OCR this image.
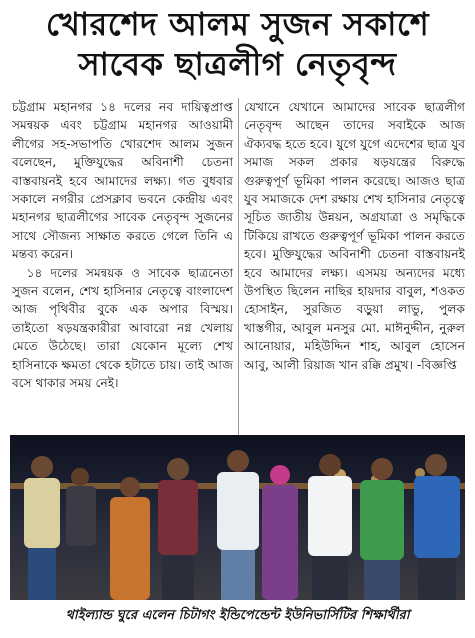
খোরশেদ আলম সুজন সকাশে
সাবেক ছাত্রলীগ নেতৃবৃন্দ

চট্টগ্রাম মহানগর ১৪ দলের নব দায়িত্বপ্রাপ্ত সমন্বয়ক এবং চট্টগ্রাম মহানগর আওয়ামী লীগের সহ-সভাপতি খোরশেদ আলম সুজন বলেছেন, মুক্তিযুদ্ধের অবিনাশী চেতনা বাস্তবায়নই হবে আমাদের লক্ষ্য। গত বুধবার সকালে নগরীর প্রেসক্লাব ভবনে কেন্দ্রীয় এবং মহানগর ছাত্রলীগের সাবেক নেতৃবৃন্দ সুজনের সাথে সৌজন্য সাক্ষাত করতে গেলে তিনি এ মন্তব্য করেন।

১৪ দলের সমন্বয়ক ও সাবেক ছাত্রনেতা সুজন বলেন, শেখ হাসিনার নেতৃত্বে বাংলাদেশ আজ পৃথিবীর বুকে এক অপার বিস্ময়। তাইতো ষড়যন্ত্রকারীরা আবারো নগ্ন খেলায় মেতে উঠেছে। তারা যেকোন মূল্যে শেখ হাসিনাকে ক্ষমতা থেকে হটাতে চায়। তাই আজ বসে থাকার সময় নেই।

যেখানে যেখানে আমাদের সাবেক ছাত্রলীগ নেতৃবৃন্দ আছেন তাদের সবাইকে আজ ঐক্যবদ্ধ হতে হবে। যুগে যুগে এদেশের ছাত্র যুব সমাজ সকল প্রকার ষড়যন্ত্রের বিরুদ্ধে গুরুত্বপূর্ণ ভূমিকা পালন করেছে। আজও ছাত্র যুব সমাজকে দেশ রক্ষায় শেখ হাসিনার নেতৃত্বে সূচিত জাতীয় উন্নয়ন, অগ্রযাত্রা ও সমৃদ্ধিকে টিকিয়ে রাখতে গুরুত্বপূর্ণ ভূমিকা পালন করতে হবে। মুক্তিযুদ্ধের অবিনাশী চেতনা বাস্তবায়নই হবে আমাদের লক্ষ্য। এসময় অন্যদের মধ্যে উপস্থিত ছিলেন নাছির হায়দার বাবুল, শওকত হোসাইন, সুরজিত বড়ুয়া লাভু, পুলক খাস্তগীর, আবুল মনসুর মো. মাঈনুদ্দীন, নুরুল আনোয়ার, মহিউদ্দিন শাহ, আবুল হোসেন আবু, আলী রিয়াজ খান রক্কি প্রমুখ। -বিজ্ঞপ্তি

থাইল্যান্ড ঘুরে এলেন চিটাগং ইন্ডিপেন্ডেন্ট ইউনিভার্সিটির শিক্ষার্থীরা
